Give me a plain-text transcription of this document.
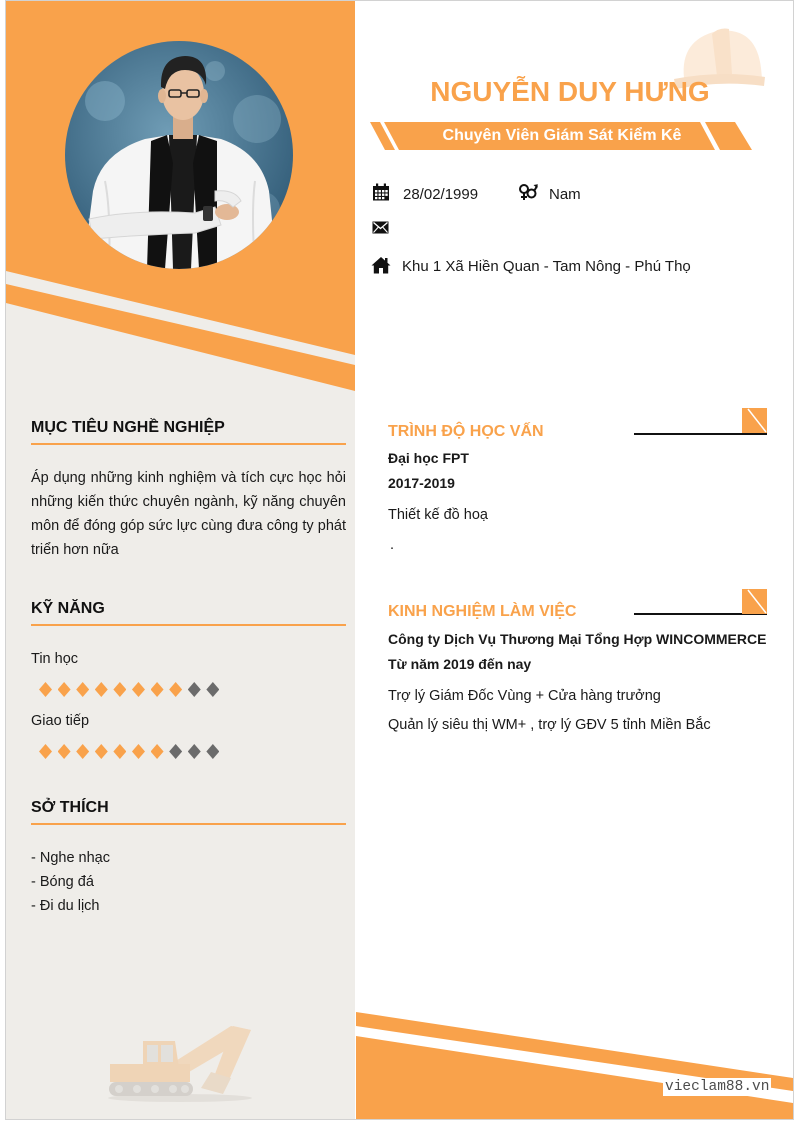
NGUYỄN DUY HƯNG
Chuyên Viên Giám Sát Kiểm Kê
28/02/1999	Nam
Khu 1 Xã Hiền Quan - Tam Nông - Phú Thọ
MỤC TIÊU NGHỀ NGHIỆP

Áp dụng những kinh nghiệm và tích cực học hỏi những kiến thức chuyên ngành, kỹ năng chuyên môn để đóng góp sức lực cùng đưa công ty phát triển hơn nữa

KỸ NĂNG
Tin học
Giao tiếp
SỞ THÍCH
- Nghe nhạc
- Bóng đá
- Đi du lịch
TRÌNH ĐỘ HỌC VẤN
Đại học FPT
2017-2019
Thiết kế đồ hoạ
.
KINH NGHIỆM LÀM VIỆC
Công ty Dịch Vụ Thương Mại Tổng Hợp WINCOMMERCE
Từ năm 2019 đến nay
Trợ lý Giám Đốc Vùng + Cửa hàng trưởng
Quản lý siêu thị WM+ , trợ lý GĐV 5 tỉnh Miền Bắc
vieclam88.vn
